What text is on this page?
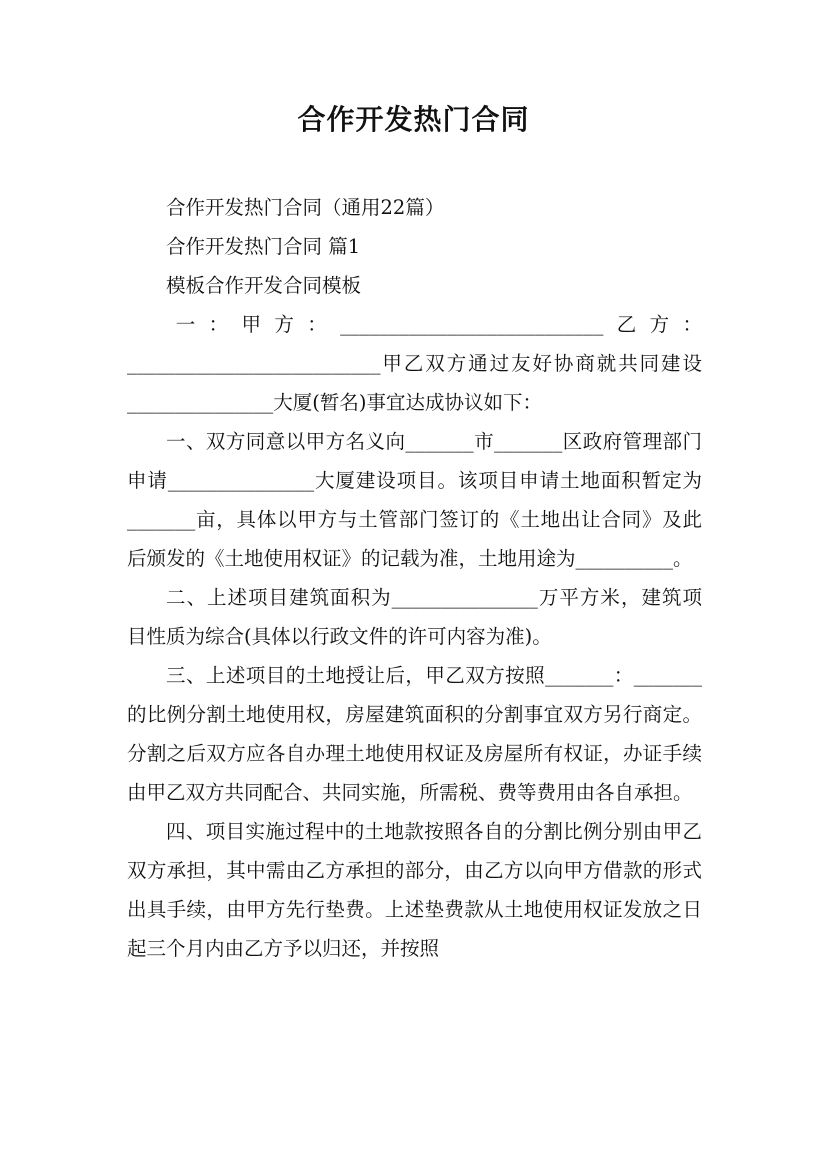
合作开发热门合同

合作开发热门合同（通用22篇）

合作开发热门合同 篇1

模板合作开发合同模板

一：甲方：___________________________乙方：__________________________甲乙双方通过友好协商就共同建设_______________大厦(暂名)事宜达成协议如下：

一、双方同意以甲方名义向_______市_______区政府管理部门申请_______________大厦建设项目。该项目申请土地面积暂定为_______亩，具体以甲方与土管部门签订的《土地出让合同》及此后颁发的《土地使用权证》的记载为准，土地用途为__________。

二、上述项目建筑面积为_______________万平方米，建筑项目性质为综合(具体以行政文件的许可内容为准)。

三、上述项目的土地授让后，甲乙双方按照_______：_______的比例分割土地使用权，房屋建筑面积的分割事宜双方另行商定。分割之后双方应各自办理土地使用权证及房屋所有权证，办证手续由甲乙双方共同配合、共同实施，所需税、费等费用由各自承担。

四、项目实施过程中的土地款按照各自的分割比例分别由甲乙双方承担，其中需由乙方承担的部分，由乙方以向甲方借款的形式出具手续，由甲方先行垫费。上述垫费款从土地使用权证发放之日起三个月内由乙方予以归还，并按照
